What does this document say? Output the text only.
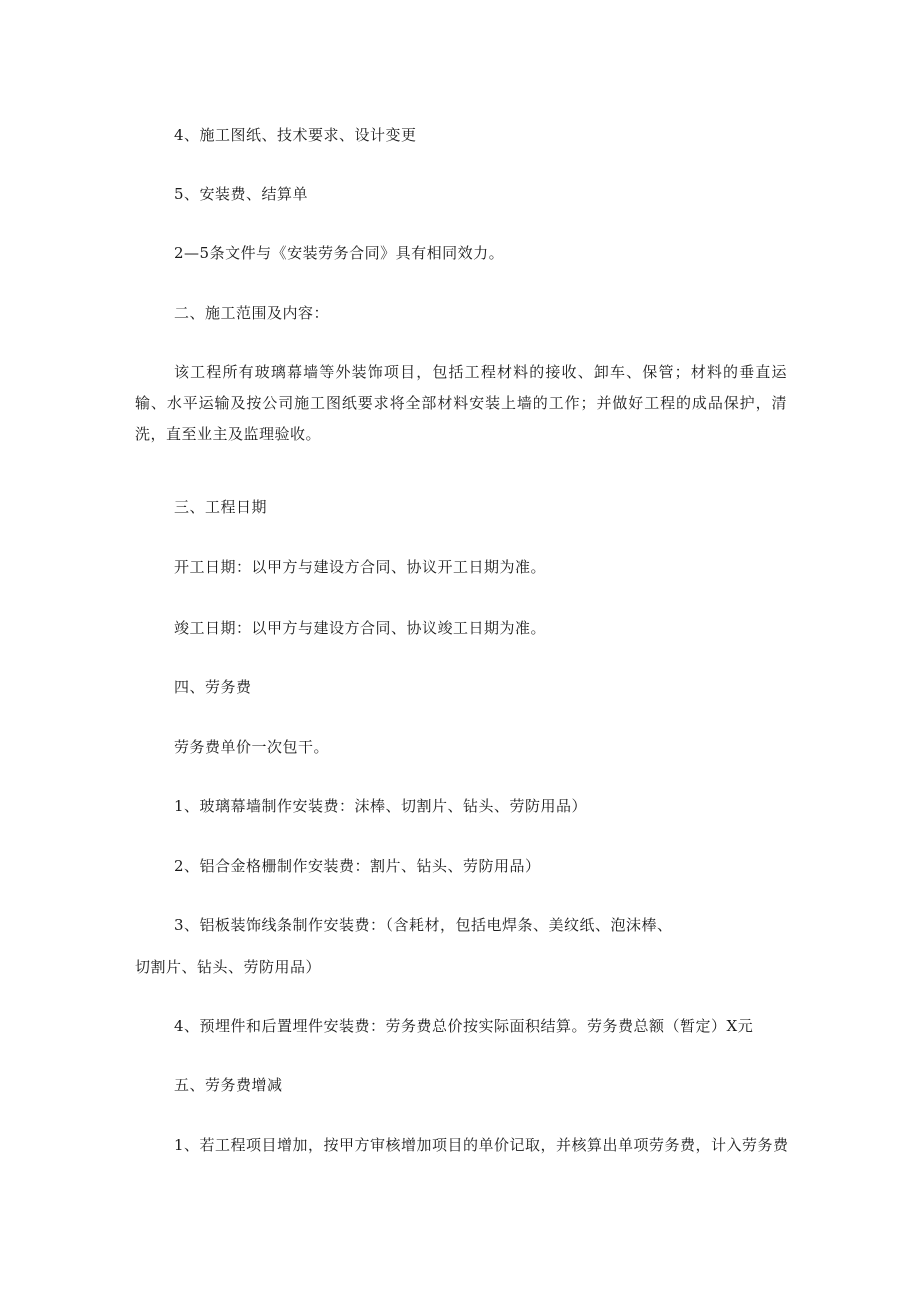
4、施工图纸、技术要求、设计变更
5、安装费、结算单
2—5条文件与《安装劳务合同》具有相同效力。
二、施工范围及内容：
该工程所有玻璃幕墙等外装饰项目，包括工程材料的接收、卸车、保管；材料的垂直运输、水平运输及按公司施工图纸要求将全部材料安装上墙的工作；并做好工程的成品保护，清洗，直至业主及监理验收。
三、工程日期
开工日期：以甲方与建设方合同、协议开工日期为准。
竣工日期：以甲方与建设方合同、协议竣工日期为准。
四、劳务费
劳务费单价一次包干。
1、玻璃幕墙制作安装费：沫棒、切割片、钻头、劳防用品）
2、铝合金格栅制作安装费：割片、钻头、劳防用品）
3、铝板装饰线条制作安装费：（含耗材，包括电焊条、美纹纸、泡沫棒、
切割片、钻头、劳防用品）
4、预埋件和后置埋件安装费：劳务费总价按实际面积结算。劳务费总额（暂定）X元
五、劳务费增减
1、若工程项目增加，按甲方审核增加项目的单价记取，并核算出单项劳务费，计入劳务费
